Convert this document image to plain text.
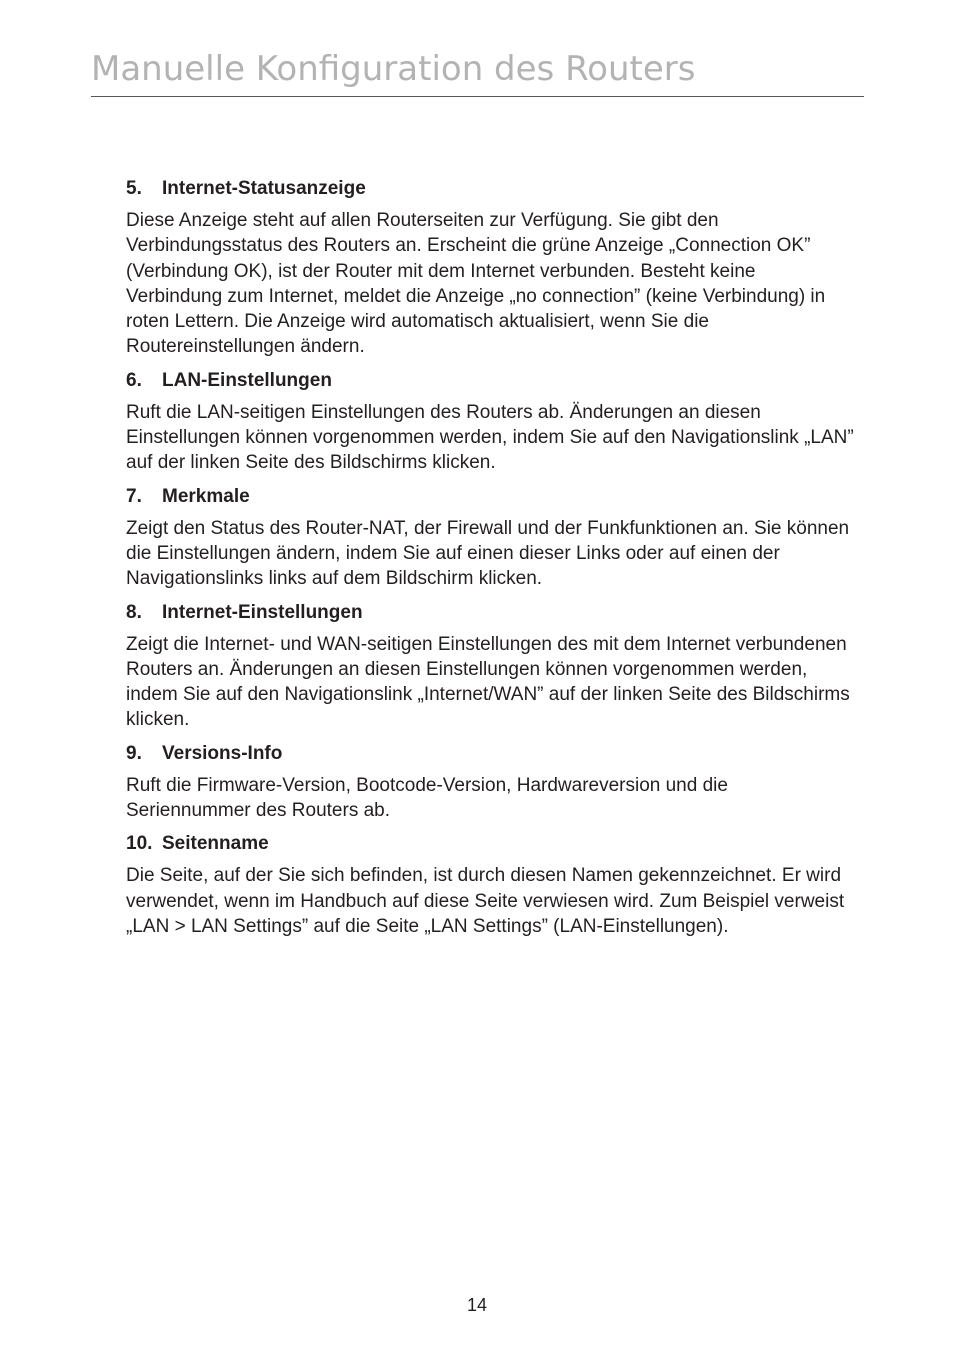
Manuelle Konfiguration des Routers
5. Internet-Statusanzeige

Diese Anzeige steht auf allen Routerseiten zur Verfügung. Sie gibt den Verbindungsstatus des Routers an. Erscheint die grüne Anzeige „Connection OK” (Verbindung OK), ist der Router mit dem Internet verbunden. Besteht keine Verbindung zum Internet, meldet die Anzeige „no connection” (keine Verbindung) in roten Lettern. Die Anzeige wird automatisch aktualisiert, wenn Sie die Routereinstellungen ändern.

6. LAN-Einstellungen

Ruft die LAN-seitigen Einstellungen des Routers ab. Änderungen an diesen Einstellungen können vorgenommen werden, indem Sie auf den Navigationslink „LAN” auf der linken Seite des Bildschirms klicken.

7. Merkmale

Zeigt den Status des Router-NAT, der Firewall und der Funkfunktionen an. Sie können die Einstellungen ändern, indem Sie auf einen dieser Links oder auf einen der Navigationslinks links auf dem Bildschirm klicken.

8. Internet-Einstellungen

Zeigt die Internet- und WAN-seitigen Einstellungen des mit dem Internet verbundenen Routers an. Änderungen an diesen Einstellungen können vorgenommen werden, indem Sie auf den Navigationslink „Internet/WAN” auf der linken Seite des Bildschirms klicken.

9. Versions-Info

Ruft die Firmware-Version, Bootcode-Version, Hardwareversion und die Seriennummer des Routers ab.

10. Seitenname

Die Seite, auf der Sie sich befinden, ist durch diesen Namen gekennzeichnet. Er wird verwendet, wenn im Handbuch auf diese Seite verwiesen wird. Zum Beispiel verweist „LAN > LAN Settings” auf die Seite „LAN Settings” (LAN-Einstellungen).

14
